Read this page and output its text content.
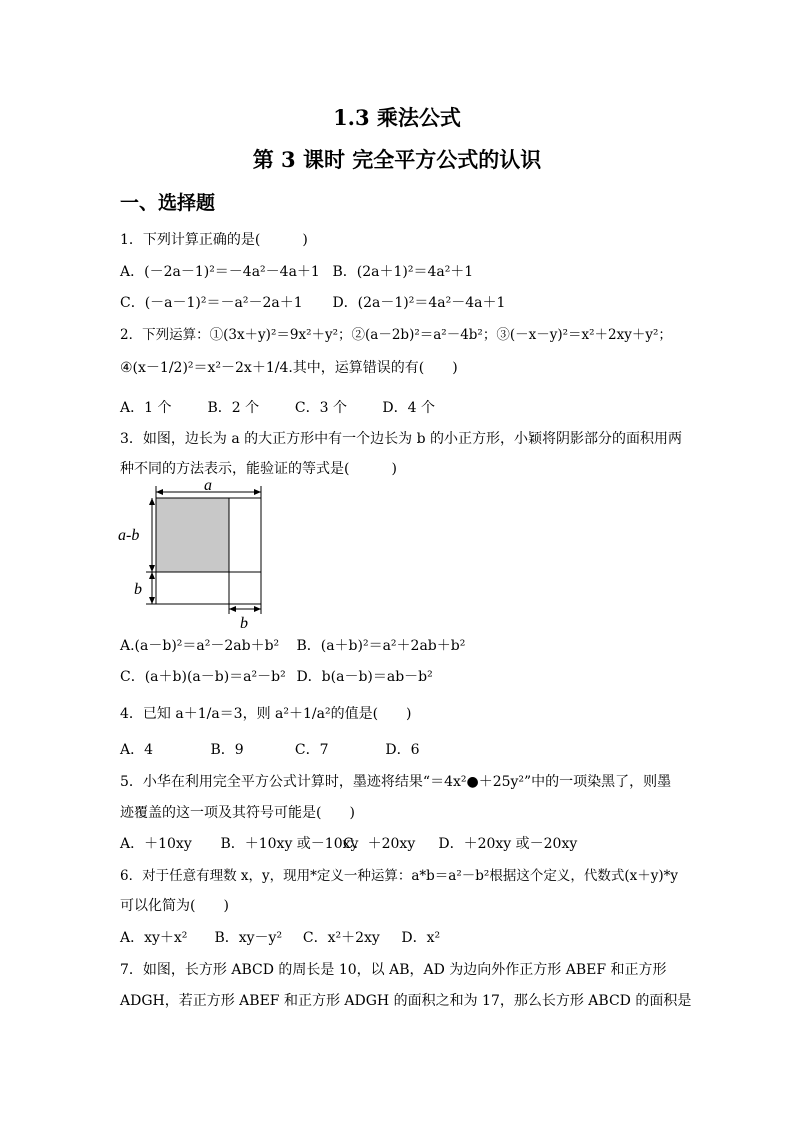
1.3 乘法公式
第 3 课时 完全平方公式的认识
一、选择题
1．下列计算正确的是(　　　)
A．(－2a－1)²＝－4a²－4a＋1 B．(2a＋1)²＝4a²＋1
C．(－a－1)²＝－a²－2a＋1 D．(2a－1)²＝4a²－4a＋1
2．下列运算：①(3x＋y)²＝9x²＋y²；②(a－2b)²＝a²－4b²；③(－x－y)²＝x²＋2xy＋y²；
④(x－1/2)²＝x²－2x＋1/4.其中，运算错误的有(　　)
A．1 个	B．2 个	C．3 个	D．4 个
3．如图，边长为 a 的大正方形中有一个边长为 b 的小正方形，小颖将阴影部分的面积用两
种不同的方法表示，能验证的等式是(　　　)
a
a-b
b
b
A.(a－b)²＝a²－2ab＋b² B．(a＋b)²＝a²＋2ab＋b²
C．(a＋b)(a－b)＝a²－b² D．b(a－b)＝ab－b²
4．已知 a＋1/a＝3，则 a²＋1/a²的值是(　　)
A．4	B．9	C．7	D．6
5．小华在利用完全平方公式计算时，墨迹将结果“＝4x²●＋25y²”中的一项染黑了，则墨
迹覆盖的这一项及其符号可能是(　　)
A．＋10xy B．＋10xy 或－10xy C．＋20xy D．＋20xy 或－20xy
6．对于任意有理数 x，y，现用*定义一种运算：a*b＝a²－b²根据这个定义，代数式(x＋y)*y
可以化简为(　　)
A．xy＋x² B．xy－y² C．x²＋2xy D．x²
7．如图，长方形 ABCD 的周长是 10，以 AB，AD 为边向外作正方形 ABEF 和正方形
ADGH，若正方形 ABEF 和正方形 ADGH 的面积之和为 17，那么长方形 ABCD 的面积是
